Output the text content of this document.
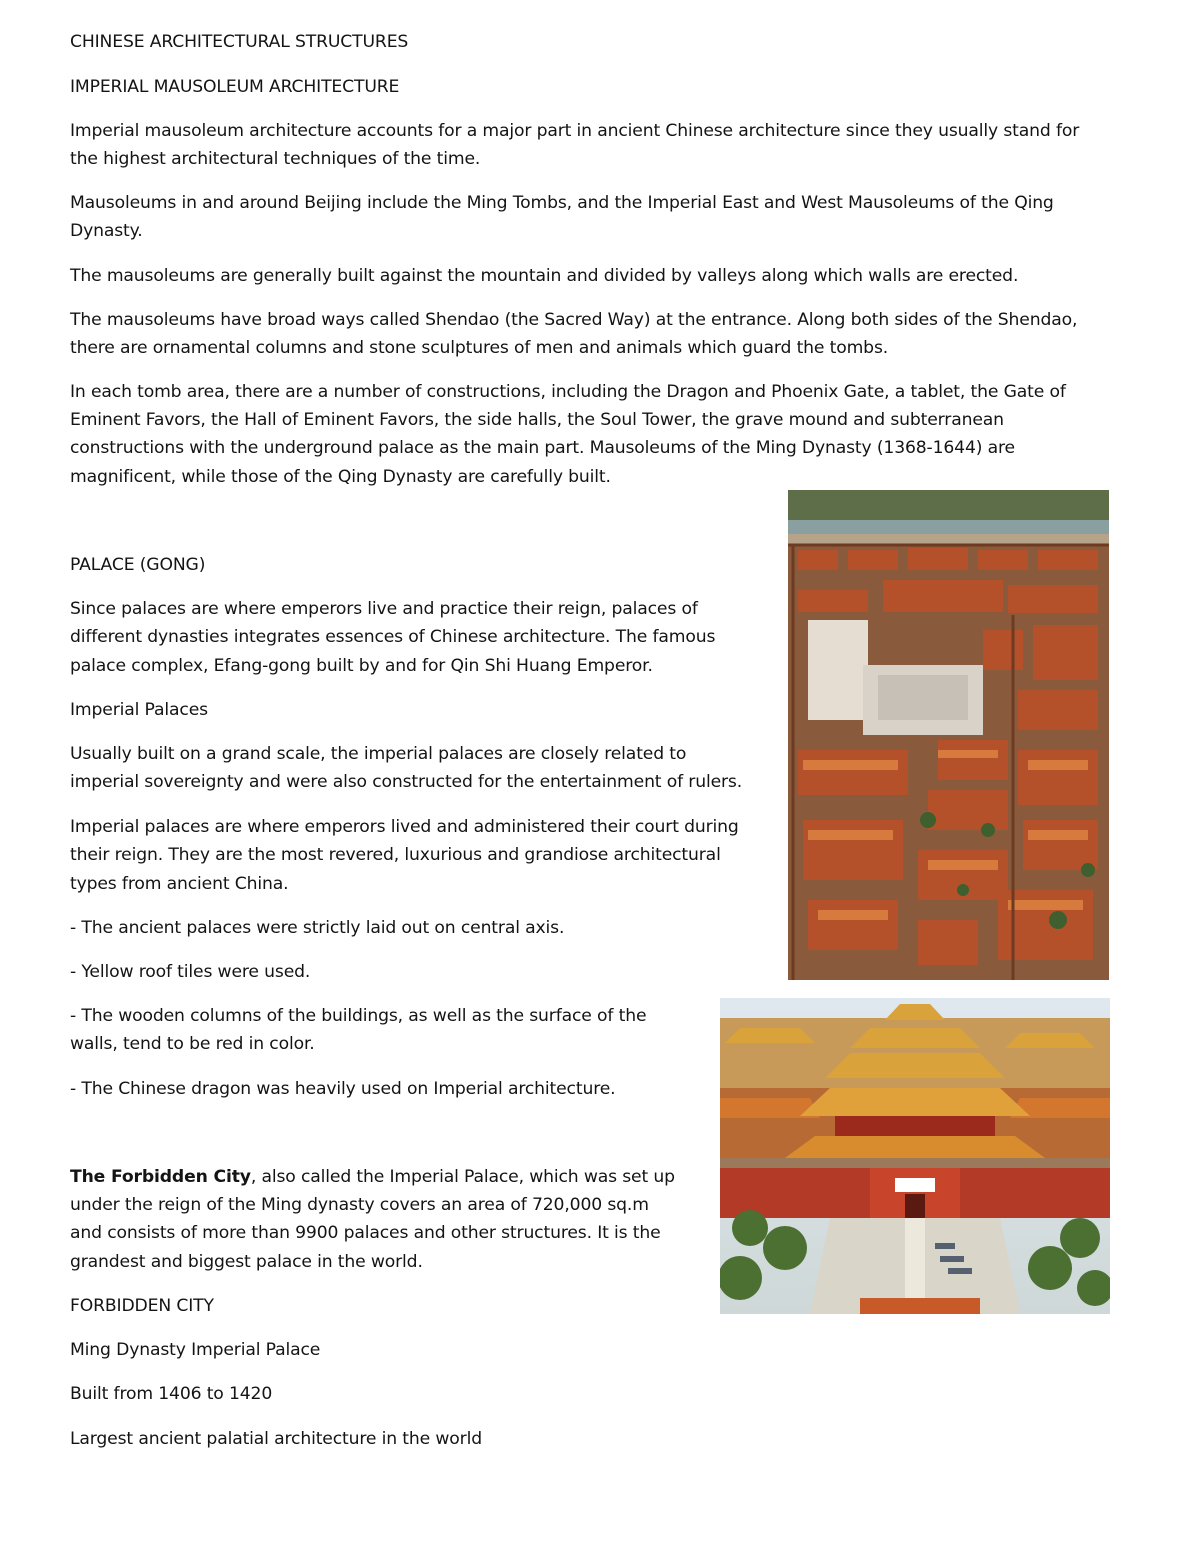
CHINESE ARCHITECTURAL STRUCTURES
IMPERIAL MAUSOLEUM ARCHITECTURE
Imperial mausoleum architecture accounts for a major part in ancient Chinese architecture since they usually stand for
the highest architectural techniques of the time.
Mausoleums in and around Beijing include the Ming Tombs, and the Imperial East and West Mausoleums of the Qing
Dynasty.
The mausoleums are generally built against the mountain and divided by valleys along which walls are erected.
The mausoleums have broad ways called Shendao (the Sacred Way) at the entrance. Along both sides of the Shendao,
there are ornamental columns and stone sculptures of men and animals which guard the tombs.
In each tomb area, there are a number of constructions, including the Dragon and Phoenix Gate, a tablet, the Gate of
Eminent Favors, the Hall of Eminent Favors, the side halls, the Soul Tower, the grave mound and subterranean
constructions with the underground palace as the main part. Mausoleums of the Ming Dynasty (1368-1644) are
magnificent, while those of the Qing Dynasty are carefully built.
PALACE (GONG)
Since palaces are where emperors live and practice their reign, palaces of
different dynasties integrates essences of Chinese architecture. The famous
palace complex, Efang-gong built by and for Qin Shi Huang Emperor.
Imperial Palaces
Usually built on a grand scale, the imperial palaces are closely related to
imperial sovereignty and were also constructed for the entertainment of rulers.
Imperial palaces are where emperors lived and administered their court during
their reign. They are the most revered, luxurious and grandiose architectural
types from ancient China.
- The ancient palaces were strictly laid out on central axis.
- Yellow roof tiles were used.
- The wooden columns of the buildings, as well as the surface of the
walls, tend to be red in color.
- The Chinese dragon was heavily used on Imperial architecture.
The Forbidden City, also called the Imperial Palace, which was set up
under the reign of the Ming dynasty covers an area of 720,000 sq.m
and consists of more than 9900 palaces and other structures. It is the
grandest and biggest palace in the world.
FORBIDDEN CITY
Ming Dynasty Imperial Palace
Built from 1406 to 1420
Largest ancient palatial architecture in the world
